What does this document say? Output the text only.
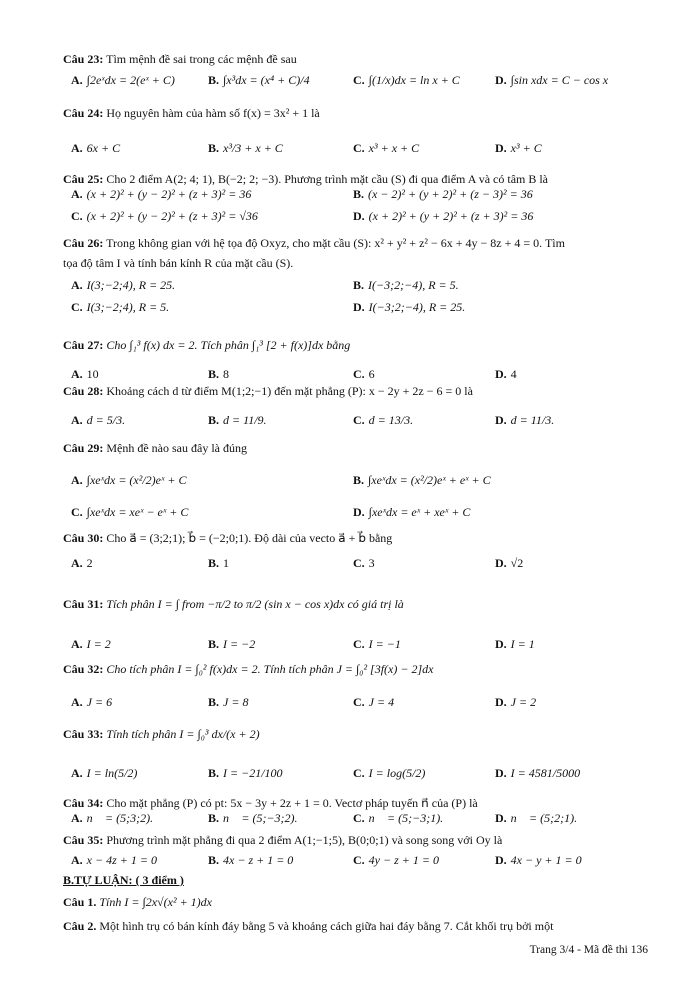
Câu 23: Tìm mệnh đề sai trong các mệnh đề sau
A. ∫2eˣdx = 2(eˣ + C)	B. ∫x³dx = (x⁴ + C)/4	C. ∫(1/x)dx = ln x + C	D. ∫sin xdx = C − cos x
Câu 24: Họ nguyên hàm của hàm số f(x) = 3x² + 1 là
A. 6x + C	B. x³/3 + x + C	C. x³ + x + C	D. x³ + C
Câu 25: Cho 2 điểm A(2; 4; 1), B(−2; 2; −3). Phương trình mặt cầu (S) đi qua điểm A và có tâm B là
A. (x + 2)² + (y − 2)² + (z + 3)² = 36	B. (x − 2)² + (y + 2)² + (z − 3)² = 36
C. (x + 2)² + (y − 2)² + (z + 3)² = √36	D. (x + 2)² + (y + 2)² + (z + 3)² = 36
Câu 26: Trong không gian với hệ tọa độ Oxyz, cho mặt cầu (S): x² + y² + z² − 6x + 4y − 8z + 4 = 0. Tìm
tọa độ tâm I và tính bán kính R của mặt cầu (S).
A. I(3;−2;4), R = 25.	B. I(−3;2;−4), R = 5.
C. I(3;−2;4), R = 5.	D. I(−3;2;−4), R = 25.
Câu 27: Cho ∫₁³ f(x) dx = 2. Tích phân ∫₁³ [2 + f(x)]dx bằng
A. 10	B. 8	C. 6	D. 4
Câu 28: Khoảng cách d từ điểm M(1;2;−1) đến mặt phẳng (P): x − 2y + 2z − 6 = 0 là
A. d = 5/3.	B. d = 11/9.	C. d = 13/3.	D. d = 11/3.
Câu 29: Mệnh đề nào sau đây là đúng
A. ∫xeˣdx = (x²/2)eˣ + C	B. ∫xeˣdx = (x²/2)eˣ + eˣ + C
C. ∫xeˣdx = xeˣ − eˣ + C	D. ∫xeˣdx = eˣ + xeˣ + C
Câu 30: Cho a⃗ = (3;2;1); b⃗ = (−2;0;1). Độ dài của vecto a⃗ + b⃗ bằng
A. 2	B. 1	C. 3	D. √2
Câu 31: Tích phân I = ∫ from −π/2 to π/2 (sin x − cos x)dx có giá trị là
A. I = 2	B. I = −2	C. I = −1	D. I = 1
Câu 32: Cho tích phân I = ∫₀² f(x)dx = 2. Tính tích phân J = ∫₀² [3f(x) − 2]dx
A. J = 6	B. J = 8	C. J = 4	D. J = 2
Câu 33: Tính tích phân I = ∫₀³ dx/(x + 2)
A. I = ln(5/2)	B. I = −21/100	C. I = log(5/2)	D. I = 4581/5000
Câu 34: Cho mặt phẳng (P) có pt: 5x − 3y + 2z + 1 = 0. Vectơ pháp tuyến n⃗ của (P) là
A. n⃗ = (5;3;2).	B. n⃗ = (5;−3;2).	C. n⃗ = (5;−3;1).	D. n⃗ = (5;2;1).
Câu 35: Phương trình mặt phẳng đi qua 2 điểm A(1;−1;5), B(0;0;1) và song song với Oy là
A. x − 4z + 1 = 0	B. 4x − z + 1 = 0	C. 4y − z + 1 = 0	D. 4x − y + 1 = 0
B.TỰ LUẬN: ( 3 điểm )
Câu 1. Tính I = ∫2x√(x² + 1)dx
Câu 2. Một hình trụ có bán kính đáy bằng 5 và khoảng cách giữa hai đáy bằng 7. Cắt khối trụ bởi một
Trang 3/4 - Mã đề thi 136
